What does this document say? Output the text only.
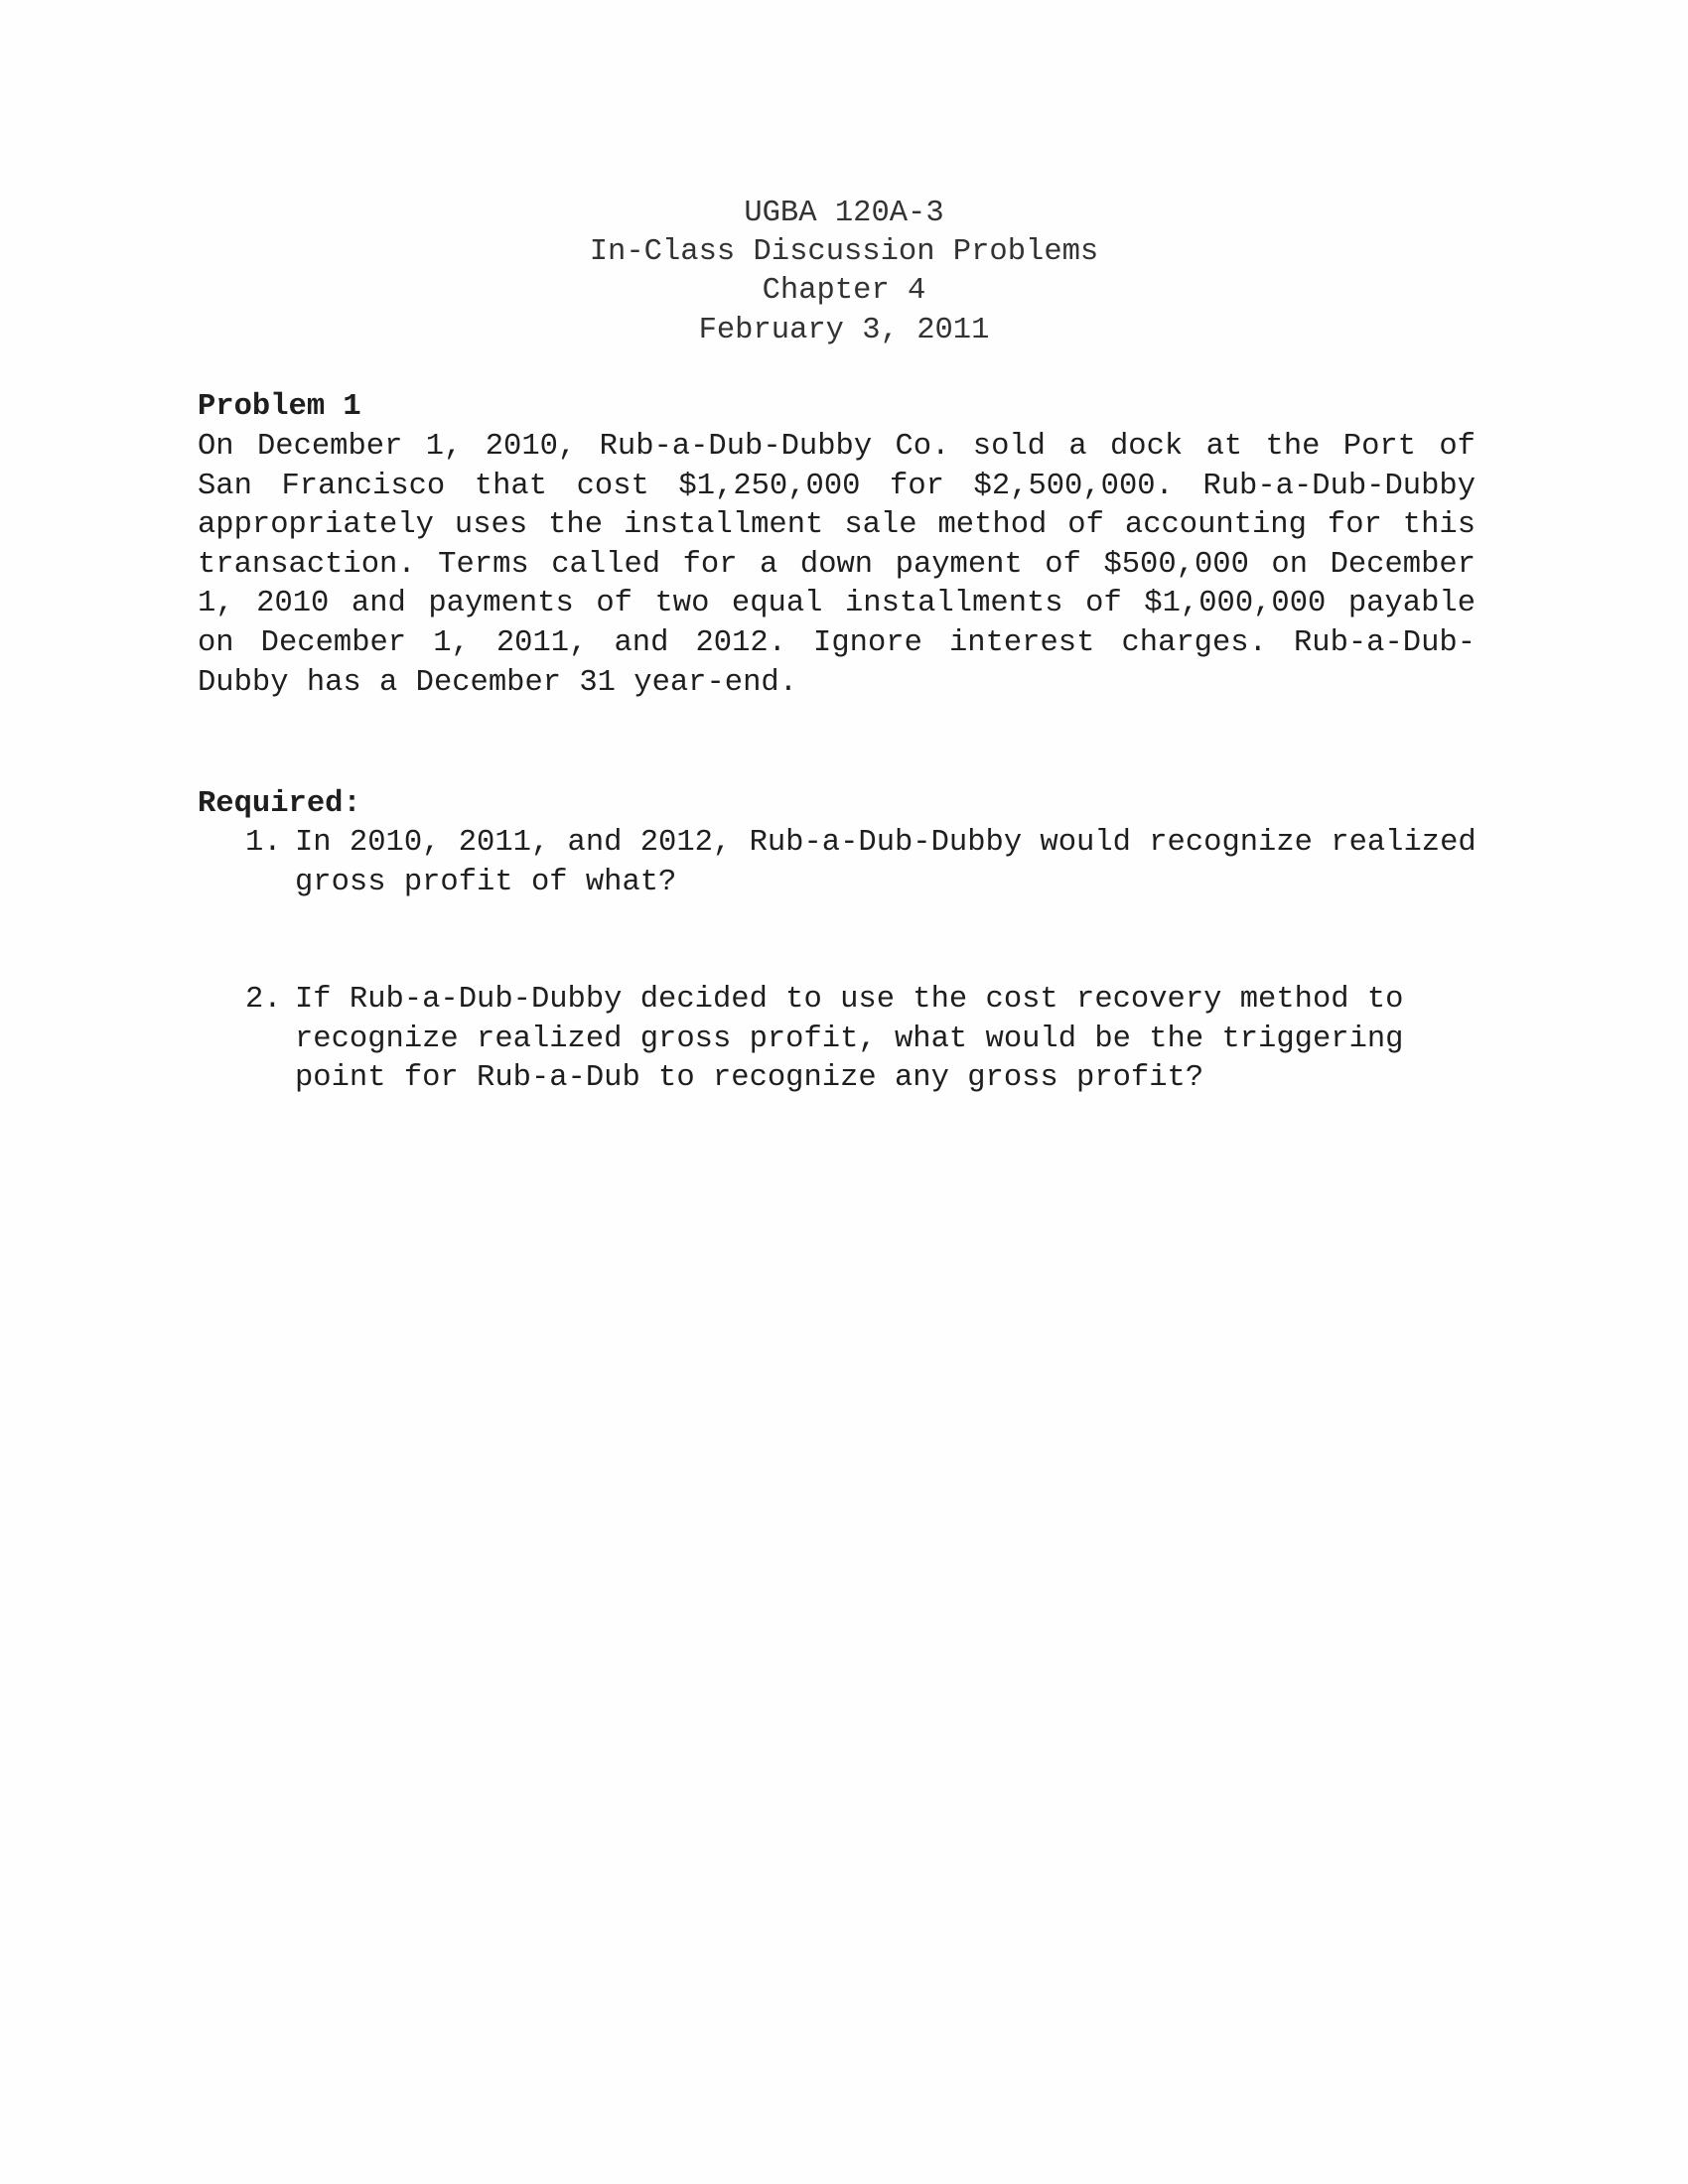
UGBA 120A-3
In-Class Discussion Problems
Chapter 4
February 3, 2011
Problem 1
On December 1, 2010, Rub-a-Dub-Dubby Co. sold a dock at the Port of
San Francisco that cost $1,250,000 for $2,500,000. Rub-a-Dub-Dubby
appropriately uses the installment sale method of accounting for this
transaction. Terms called for a down payment of $500,000 on December
1, 2010 and payments of two equal installments of $1,000,000 payable
on December 1, 2011, and 2012. Ignore interest charges. Rub-a-Dub-
Dubby has a December 31 year-end.
Required:
1. In 2010, 2011, and 2012, Rub-a-Dub-Dubby would recognize realized
gross profit of what?
2. If Rub-a-Dub-Dubby decided to use the cost recovery method to
recognize realized gross profit, what would be the triggering
point for Rub-a-Dub to recognize any gross profit?
